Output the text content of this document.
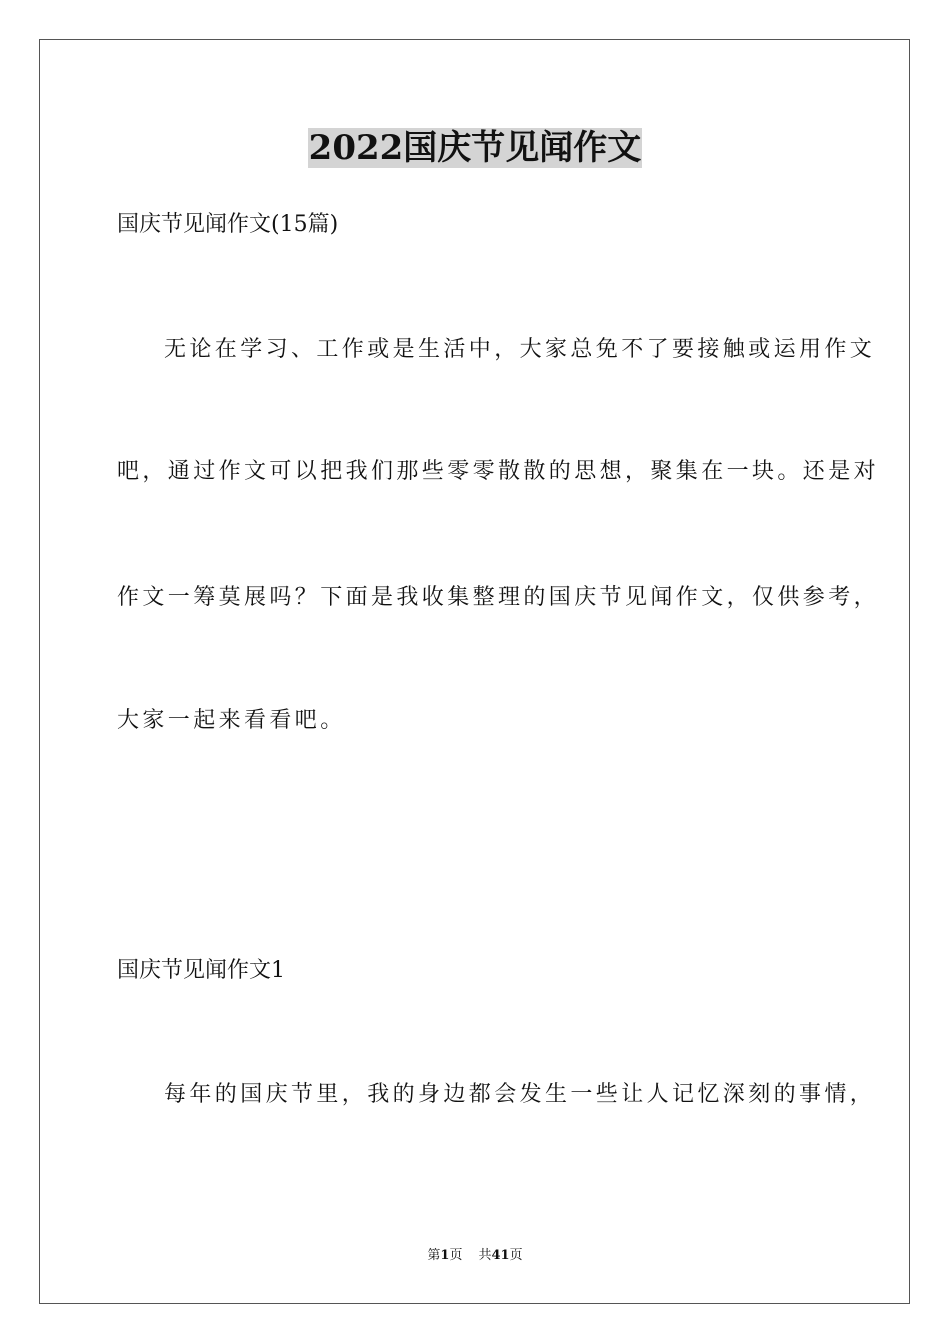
2022国庆节见闻作文
国庆节见闻作文(15篇)
无论在学习、工作或是生活中，大家总免不了要接触或运用作文
吧，通过作文可以把我们那些零零散散的思想，聚集在一块。还是对
作文一筹莫展吗？下面是我收集整理的国庆节见闻作文，仅供参考，
大家一起来看看吧。
国庆节见闻作文1
每年的国庆节里，我的身边都会发生一些让人记忆深刻的事情，
第1页 共41页
